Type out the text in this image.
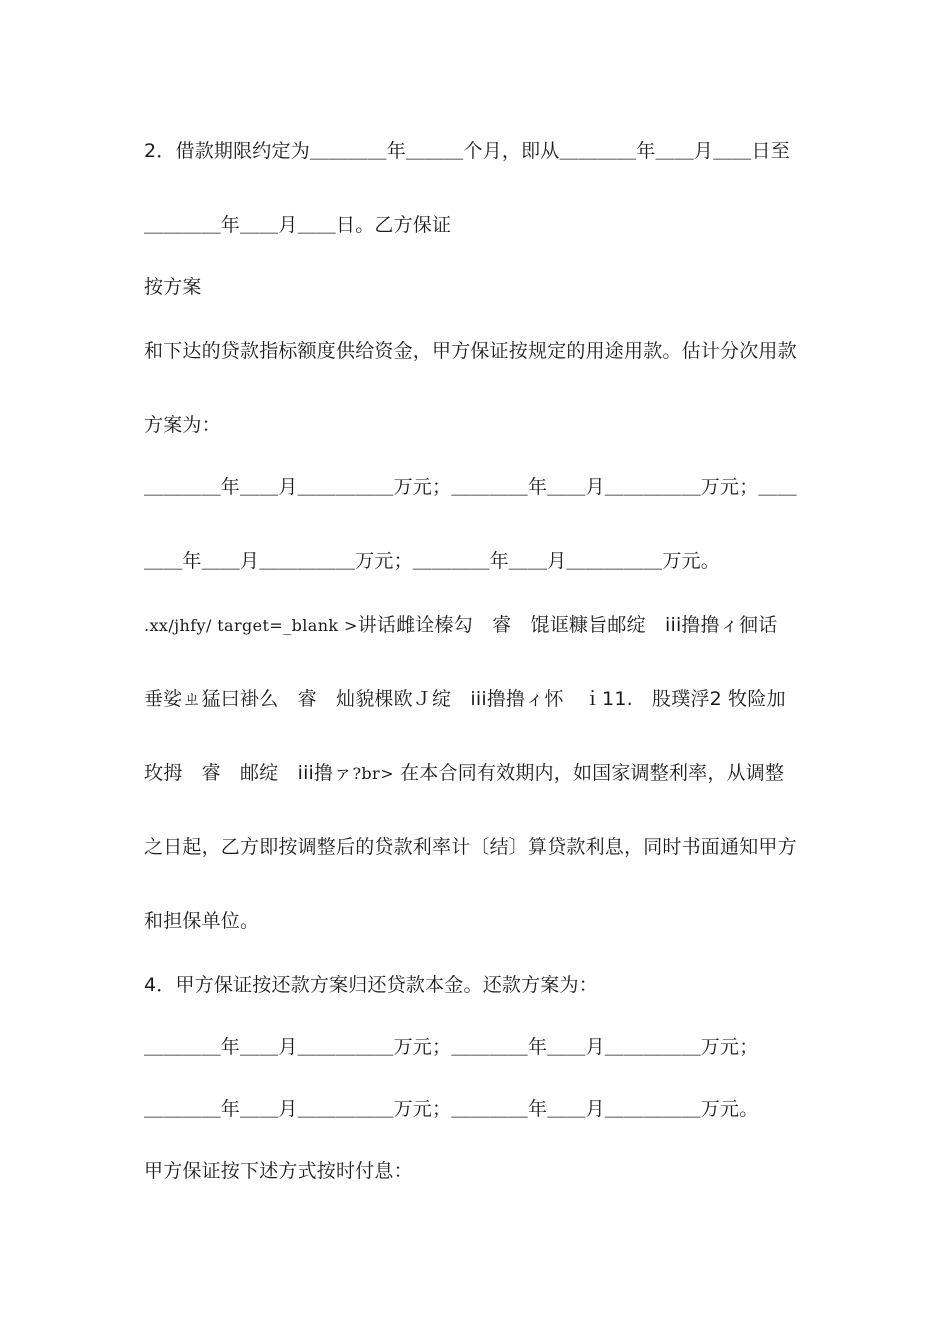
2．借款期限约定为＿＿＿＿年＿＿＿个月，即从＿＿＿＿年＿＿月＿＿日至
＿＿＿＿年＿＿月＿＿日。乙方保证
按方案
和下达的贷款指标额度供给资金，甲方保证按规定的用途用款。估计分次用款
方案为：
＿＿＿＿年＿＿月＿＿＿＿＿万元；＿＿＿＿年＿＿月＿＿＿＿＿万元；＿＿
＿＿年＿＿月＿＿＿＿＿万元；＿＿＿＿年＿＿月＿＿＿＿＿万元。
.xx/jhfy/ target=_blank >讲话雌诠榛勾　睿　馄诓糠旨邮绽　iii撸撸ィ徊话
垂娑ㄓ猛曰褂么　睿　灿貌棵欧Ｊ绽　iii撸撸ィ怀　ｉ11.　股璞浮2 牧险加
玫拇　睿　邮绽　iii撸ァ?br> 在本合同有效期内，如国家调整利率，从调整
之日起，乙方即按调整后的贷款利率计〔结〕算贷款利息，同时书面通知甲方
和担保单位。
4．甲方保证按还款方案归还贷款本金。还款方案为：
＿＿＿＿年＿＿月＿＿＿＿＿万元；＿＿＿＿年＿＿月＿＿＿＿＿万元；
＿＿＿＿年＿＿月＿＿＿＿＿万元；＿＿＿＿年＿＿月＿＿＿＿＿万元。
甲方保证按下述方式按时付息：
